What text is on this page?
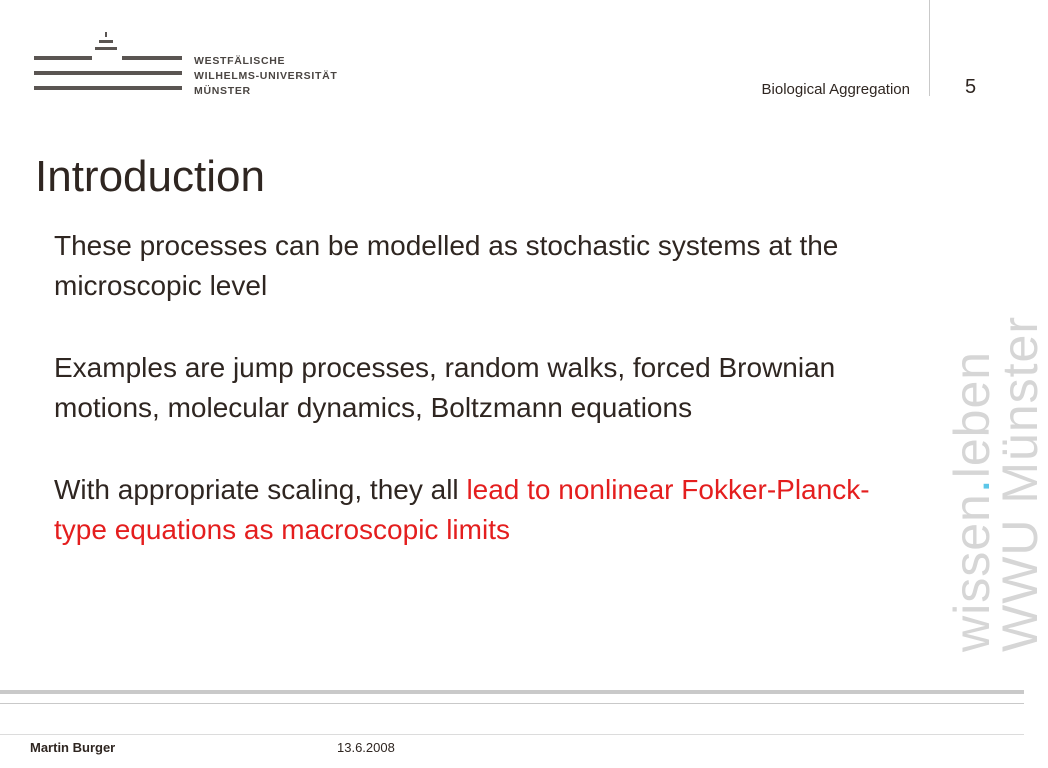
WESTFÄLISCHE
WILHELMS-UNIVERSITÄT
MÜNSTER	Biological Aggregation	5
Introduction

These processes can be modelled as stochastic systems at the microscopic level

Examples are jump processes, random walks, forced Brownian motions, molecular dynamics, Boltzmann equations

With appropriate scaling, they all lead to nonlinear Fokker-Planck- type equations as macroscopic limits	wissen.leben
WWU Münster
Martin Burger	13.6.2008
